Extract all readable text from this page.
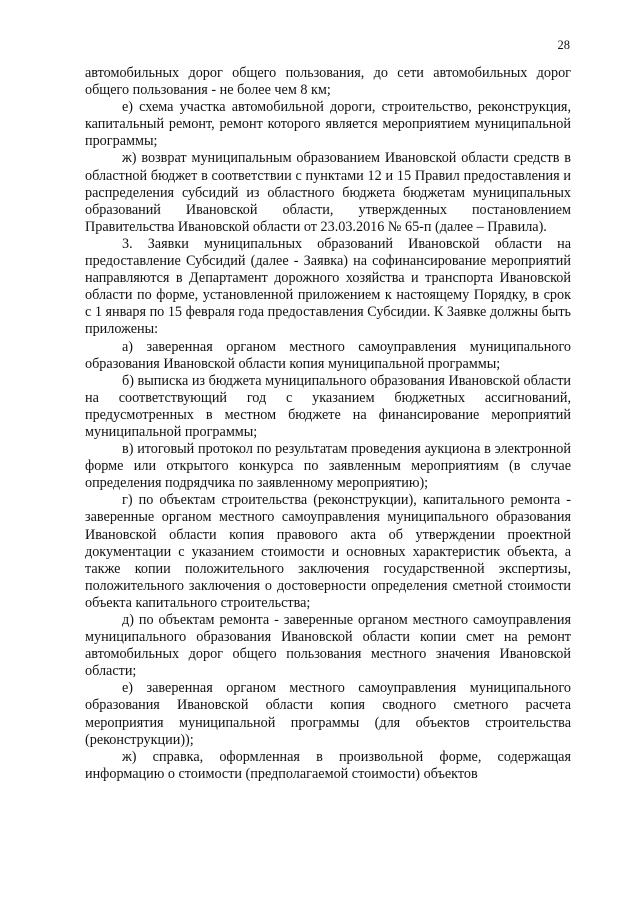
28

автомобильных дорог общего пользования, до сети автомобильных дорог общего пользования - не более чем 8 км;

е) схема участка автомобильной дороги, строительство, реконструкция, капитальный ремонт, ремонт которого является мероприятием муниципальной программы;

ж) возврат муниципальным образованием Ивановской области средств в областной бюджет в соответствии с пунктами 12 и 15 Правил предоставления и распределения субсидий из областного бюджета бюджетам муниципальных образований Ивановской области, утвержденных постановлением Правительства Ивановской области от 23.03.2016 № 65-п (далее – Правила).

3. Заявки муниципальных образований Ивановской области на предоставление Субсидий (далее - Заявка) на софинансирование мероприятий направляются в Департамент дорожного хозяйства и транспорта Ивановской области по форме, установленной приложением к настоящему Порядку, в срок с 1 января по 15 февраля года предоставления Субсидии. К Заявке должны быть приложены:

а) заверенная органом местного самоуправления муниципального образования Ивановской области копия муниципальной программы;

б) выписка из бюджета муниципального образования Ивановской области на соответствующий год с указанием бюджетных ассигнований, предусмотренных в местном бюджете на финансирование мероприятий муниципальной программы;

в) итоговый протокол по результатам проведения аукциона в электронной форме или открытого конкурса по заявленным мероприятиям (в случае определения подрядчика по заявленному мероприятию);

г) по объектам строительства (реконструкции), капитального ремонта - заверенные органом местного самоуправления муниципального образования Ивановской области копия правового акта об утверждении проектной документации с указанием стоимости и основных характеристик объекта, а также копии положительного заключения государственной экспертизы, положительного заключения о достоверности определения сметной стоимости объекта капитального строительства;

д) по объектам ремонта - заверенные органом местного самоуправления муниципального образования Ивановской области копии смет на ремонт автомобильных дорог общего пользования местного значения Ивановской области;

е) заверенная органом местного самоуправления муниципального образования Ивановской области копия сводного сметного расчета мероприятия муниципальной программы (для объектов строительства (реконструкции));

ж) справка, оформленная в произвольной форме, содержащая информацию о стоимости (предполагаемой стоимости) объектов
